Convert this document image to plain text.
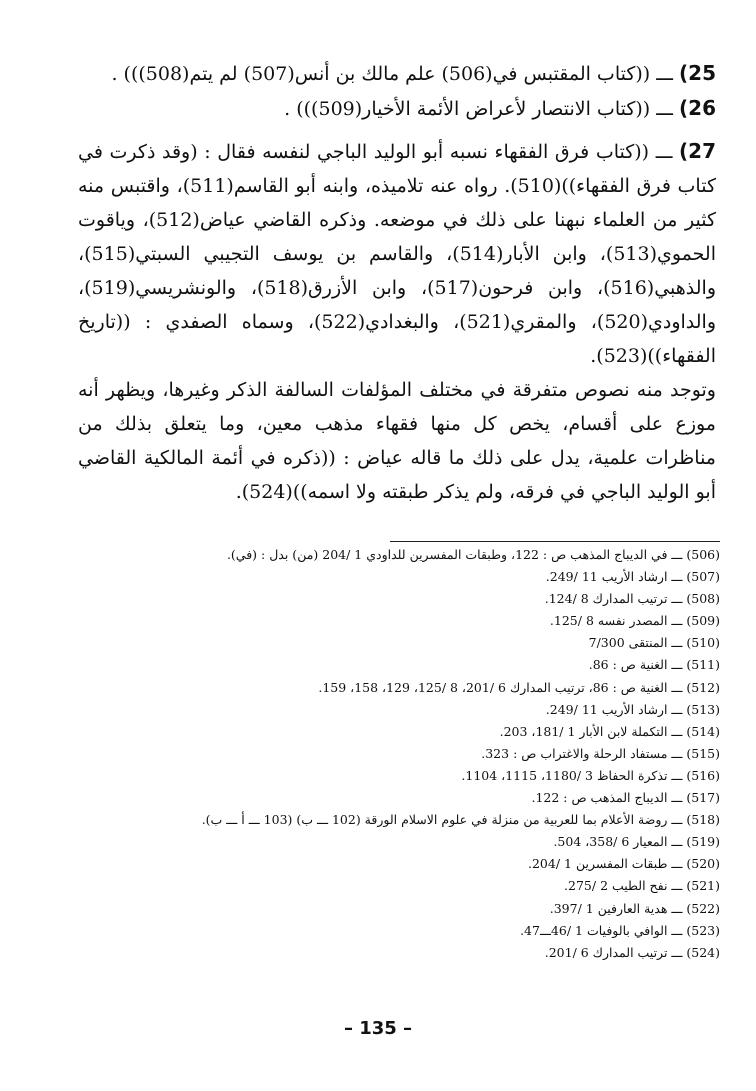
25) ـــ ((كتاب المقتبس في(506) علم مالك بن أنس(507) لم يتم(508))) .

26) ـــ ((كتاب الانتصار لأعراض الأئمة الأخيار(509))) .

27) ـــ ((كتاب فرق الفقهاء نسبه أبو الوليد الباجي لنفسه فقال : (وقد ذكرت في كتاب فرق الفقهاء))(510). رواه عنه تلاميذه، وابنه أبو القاسم(511)، واقتبس منه كثير من العلماء نبهنا على ذلك في موضعه. وذكره القاضي عياض(512)، وياقوت الحموي(513)، وابن الأبار(514)، والقاسم بن يوسف التجيبي السبتي(515)، والذهبي(516)، وابن فرحون(517)، وابن الأزرق(518)، والونشريسي(519)، والداودي(520)، والمقري(521)، والبغدادي(522)، وسماه الصفدي : ((تاريخ الفقهاء))(523).

وتوجد منه نصوص متفرقة في مختلف المؤلفات السالفة الذكر وغيرها، ويظهر أنه موزع على أقسام، يخص كل منها فقهاء مذهب معين، وما يتعلق بذلك من مناظرات علمية، يدل على ذلك ما قاله عياض : ((ذكره في أئمة المالكية القاضي أبو الوليد الباجي في فرقه، ولم يذكر طبقته ولا اسمه))(524).

(506) ـــ في الديباج المذهب ص : 122، وطبقات المفسرين للداودي 1 /204 (من) بدل : (في).
(507) ـــ ارشاد الأريب 11 /249.
(508) ـــ ترتيب المدارك 8 /124.
(509) ـــ المصدر نفسه 8 /125.
(510) ـــ المنتقى 7/300
(511) ـــ الغنية ص : 86.
(512) ـــ الغنية ص : 86، ترتيب المدارك 6 /201، 8 /125، 129، 158، 159.
(513) ـــ ارشاد الأريب 11 /249.
(514) ـــ التكملة لابن الأبار 1 /181، 203.
(515) ـــ مستفاد الرحلة والاغتراب ص : 323.
(516) ـــ تذكرة الحفاظ 3 /1180، 1115، 1104.
(517) ـــ الديباج المذهب ص : 122.
(518) ـــ روضة الأعلام بما للعربية من منزلة في علوم الاسلام الورقة (102 ـــ ب) (103 ـــ أ ـــ ب).
(519) ـــ المعيار 6 /358، 504.
(520) ـــ طبقات المفسرين 1 /204.
(521) ـــ نفح الطيب 2 /275.
(522) ـــ هدية العارفين 1 /397.
(523) ـــ الوافي بالوفيات 1 /46ـــ47.
(524) ـــ ترتيب المدارك 6 /201.
– 135 –
